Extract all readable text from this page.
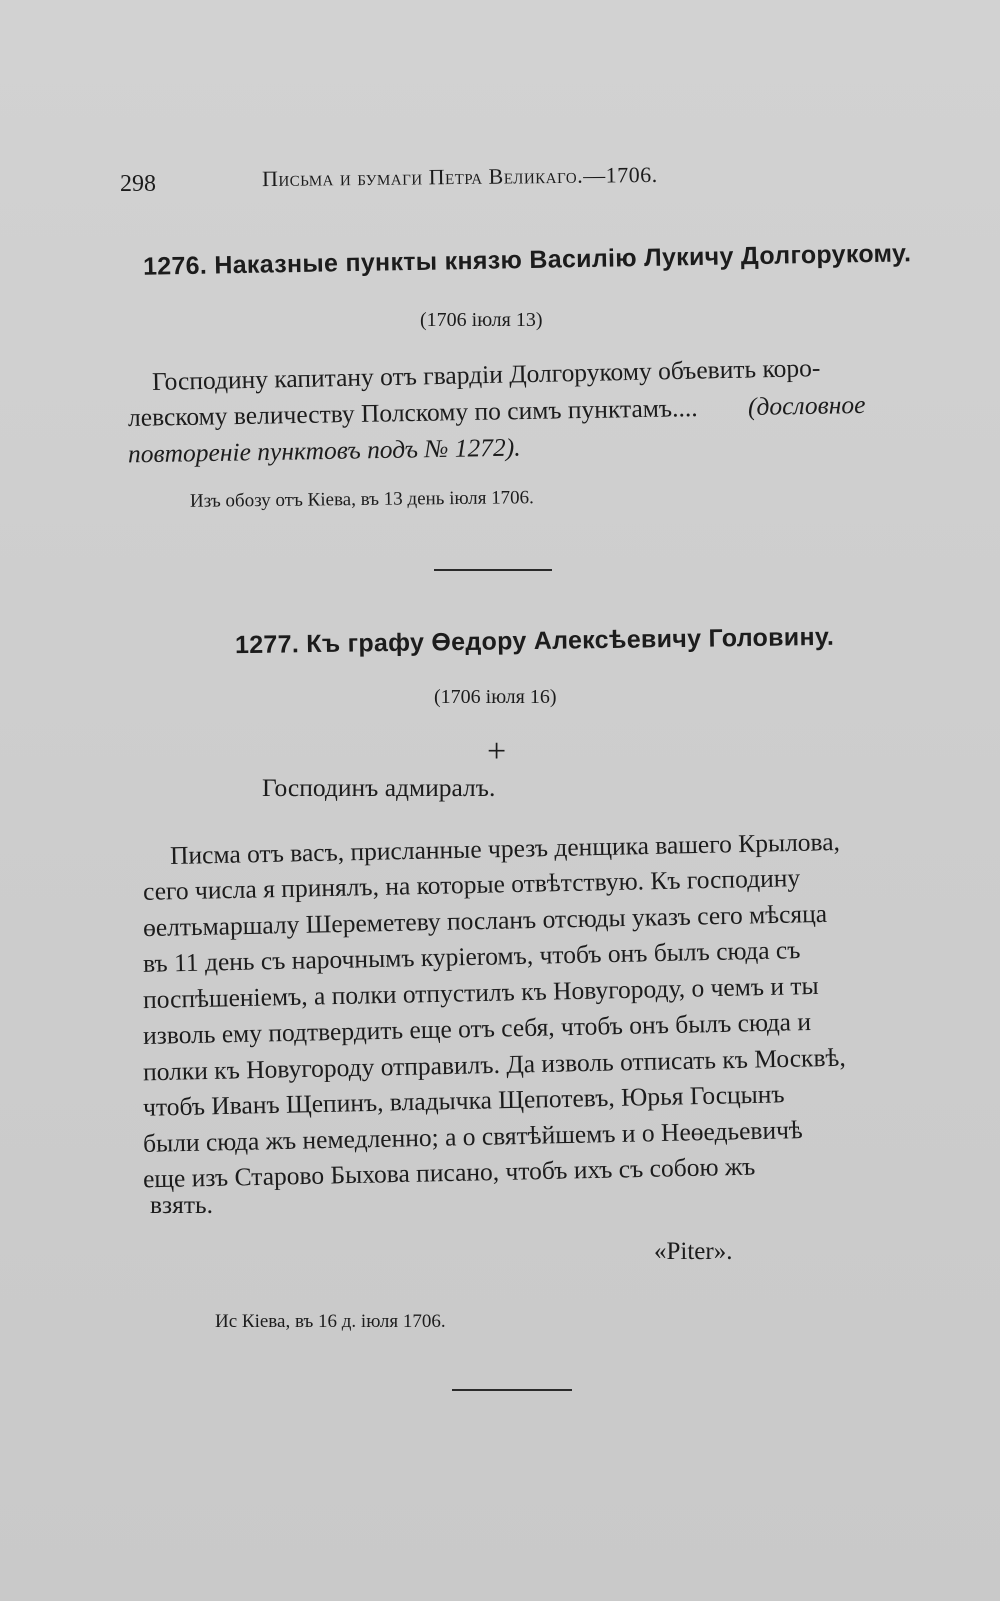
298	Письма и бумаги Петра Великаго.—1706.
1276. Наказные пункты князю Василію Лукичу Долгорукому.
(1706 іюля 13)
Господину капитану отъ гвардіи Долгорукому объевить коро-
левскому величеству Полскому по симъ пунктамъ.... (дословное
повтореніе пунктовъ подъ № 1272).
Изъ обозу отъ Кіева, въ 13 день іюля 1706.
1277. Къ графу Өедору Алексѣевичу Головину.
(1706 іюля 16)
+
Господинъ адмиралъ.
Писма отъ васъ, присланные чрезъ денщика вашего Крылова,
сего числа я принялъ, на которые отвѣтствую. Къ господину
өелтьмаршалу Шереметеву посланъ отсюды указъ сего мѣсяца
въ 11 день съ нарочнымъ курierомъ, чтобъ онъ былъ сюда съ
поспѣшеніемъ, а полки отпустилъ къ Новугороду, о чемъ и ты
изволь ему подтвердить еще отъ себя, чтобъ онъ былъ сюда и
полки къ Новугороду отправилъ. Да изволь отписать къ Москвѣ,
чтобъ Иванъ Щепинъ, владычка Щепотевъ, Юрья Госцынъ
были сюда жъ немедленно; а о святѣйшемъ и о Неөедьевичѣ
еще изъ Старово Быхова писано, чтобъ ихъ съ собою жъ
взять.
«Piter».
Ис Кіева, въ 16 д. іюля 1706.
